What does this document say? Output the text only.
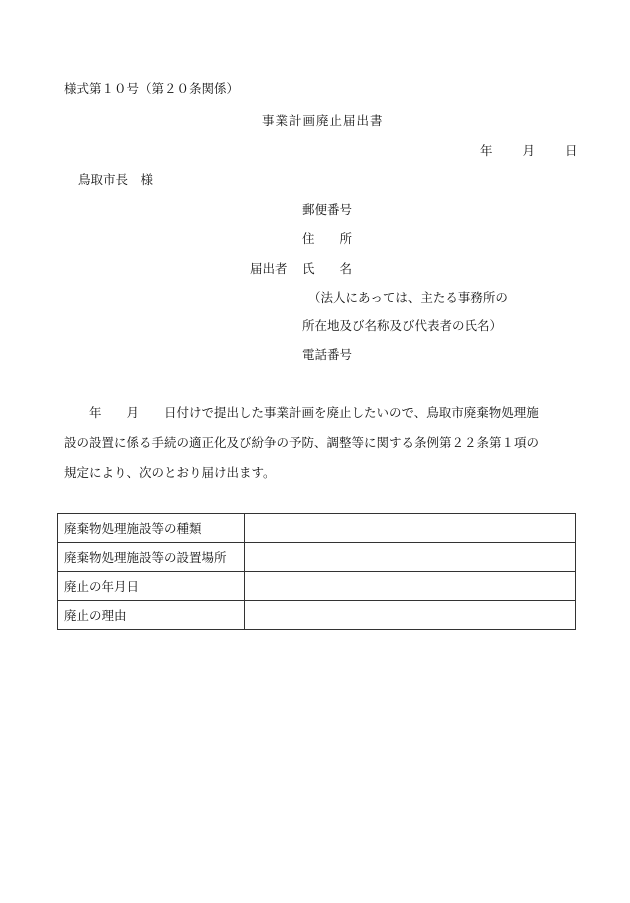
様式第１０号（第２０条関係）
事業計画廃止届出書
年 月 日
鳥取市長　様
郵便番号
住　　所
届出者 氏　　名
（法人にあっては、主たる事務所の
所在地及び名称及び代表者の氏名）
電話番号
年　　月　　日付けで提出した事業計画を廃止したいので、鳥取市廃棄物処理施
設の設置に係る手続の適正化及び紛争の予防、調整等に関する条例第２２条第１項の
規定により、次のとおり届け出ます。
廃棄物処理施設等の種類	
廃棄物処理施設等の設置場所	
廃止の年月日	
廃止の理由	
